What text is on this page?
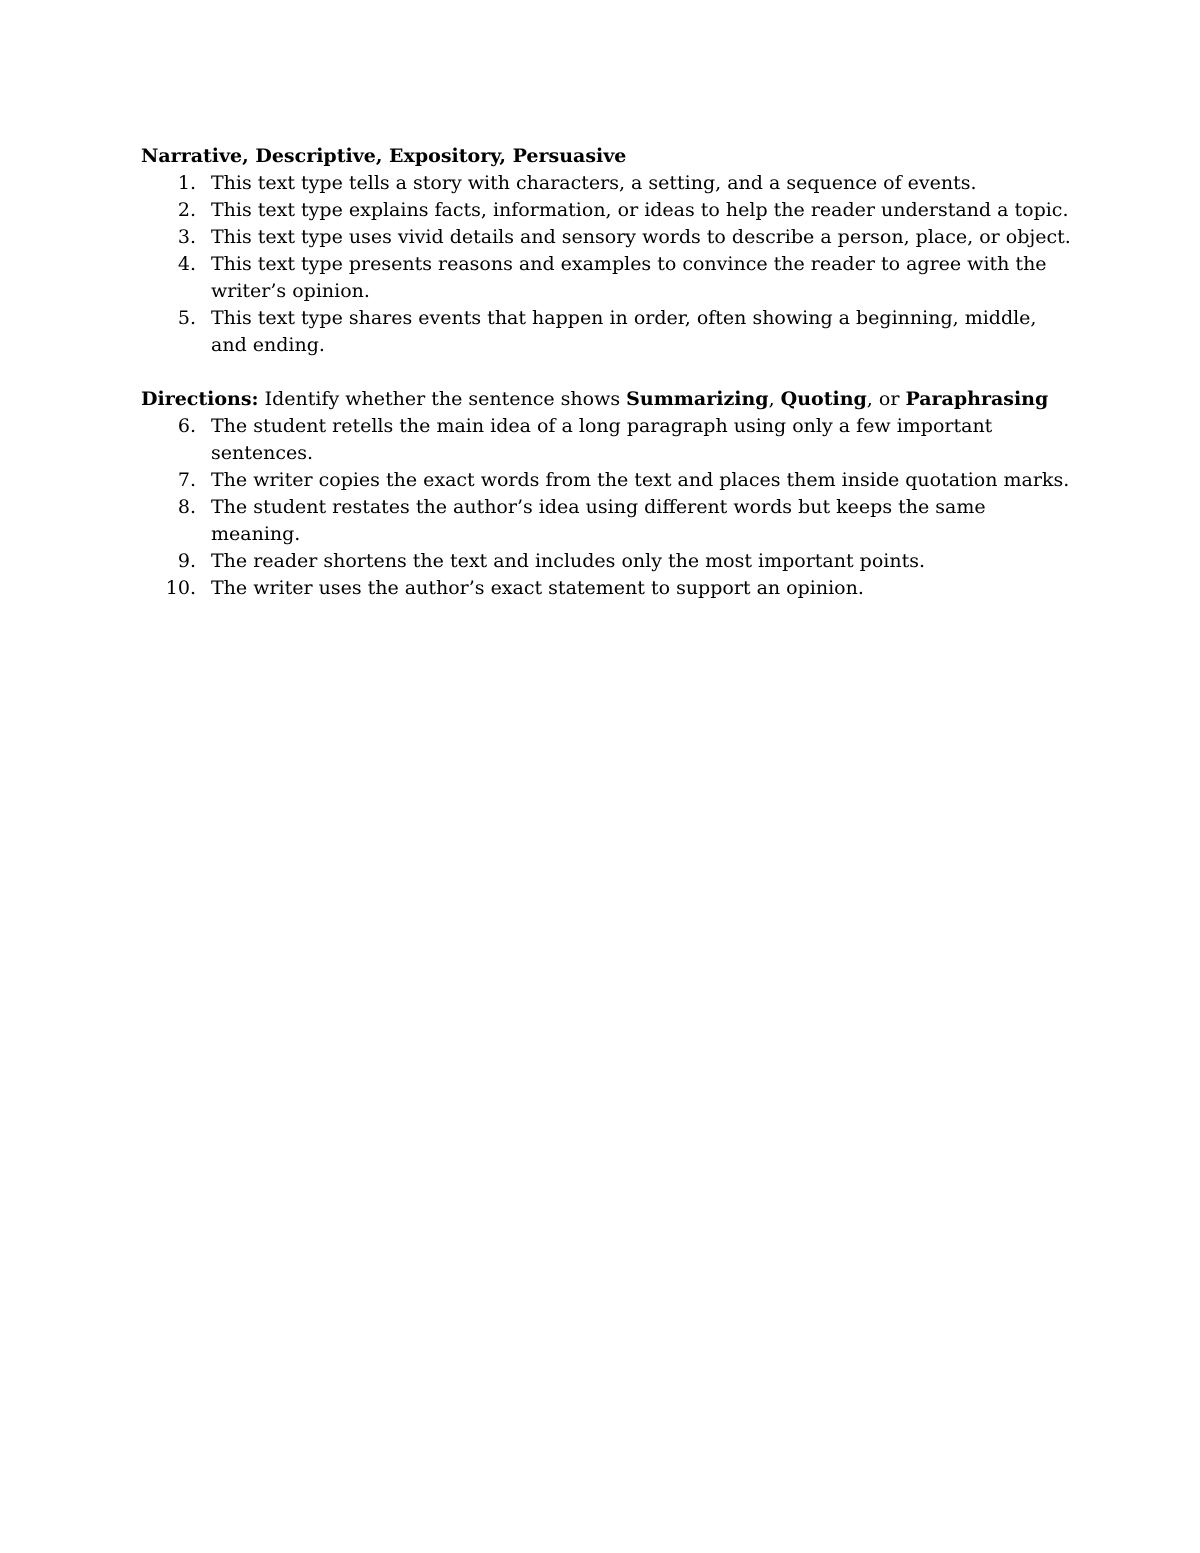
Narrative, Descriptive, Expository, Persuasive

1. This text type tells a story with characters, a setting, and a sequence of events.
2. This text type explains facts, information, or ideas to help the reader understand a topic.
3. This text type uses vivid details and sensory words to describe a person, place, or object.
4. This text type presents reasons and examples to convince the reader to agree with the writer’s opinion.
5. This text type shares events that happen in order, often showing a beginning, middle, and ending.

Directions: Identify whether the sentence shows Summarizing, Quoting, or Paraphrasing

6. The student retells the main idea of a long paragraph using only a few important sentences.
7. The writer copies the exact words from the text and places them inside quotation marks.
8. The student restates the author’s idea using different words but keeps the same meaning.
9. The reader shortens the text and includes only the most important points.
10. The writer uses the author’s exact statement to support an opinion.
